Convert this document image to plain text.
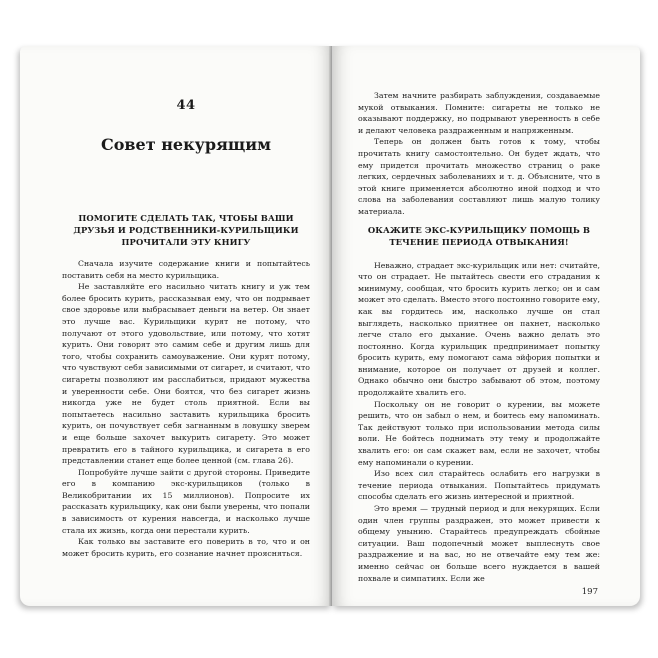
44
Совет некурящим
ПОМОГИТЕ СДЕЛАТЬ ТАК, ЧТОБЫ ВАШИ ДРУЗЬЯ И РОДСТВЕННИКИ-КУРИЛЬЩИКИ ПРОЧИТАЛИ ЭТУ КНИГУ

Сначала изучите содержание книги и попытайтесь поставить себя на место курильщика.

Не заставляйте его насильно читать книгу и уж тем более бросить курить, рассказывая ему, что он подрывает свое здоровье или выбрасывает деньги на ветер. Он знает это лучше вас. Курильщики курят не потому, что получают от этого удовольствие, или потому, что хотят курить. Они говорят это самим себе и другим лишь для того, чтобы сохранить самоуважение. Они курят потому, что чувствуют себя зависимыми от сигарет, и считают, что сигареты позволяют им расслабиться, придают мужества и уверенности себе. Они боятся, что без сигарет жизнь никогда уже не будет столь приятной. Если вы попытаетесь насильно заставить курильщика бросить курить, он почувствует себя загнанным в ловушку зверем и еще больше захочет выкурить сигарету. Это может превратить его в тайного курильщика, и сигарета в его представлении станет еще более ценной (см. глава 26).

Попробуйте лучше зайти с другой стороны. Приведите его в компанию экс-курильщиков (только в Великобритании их 15 миллионов). Попросите их рассказать курильщику, как они были уверены, что попали в зависимость от курения навсегда, и насколько лучше стала их жизнь, когда они перестали курить.

Как только вы заставите его поверить в то, что и он может бросить курить, его сознание начнет проясняться.

Затем начните разбирать заблуждения, создаваемые мукой отвыкания. Помните: сигареты не только не оказывают поддержку, но подрывают уверенность в себе и делают человека раздраженным и напряженным.

Теперь он должен быть готов к тому, чтобы прочитать книгу самостоятельно. Он будет ждать, что ему придется прочитать множество страниц о раке легких, сердечных заболеваниях и т. д. Объясните, что в этой книге применяется абсолютно иной подход и что слова на заболевания составляют лишь малую толику материала.

ОКАЖИТЕ ЭКС-КУРИЛЬЩИКУ ПОМОЩЬ В ТЕЧЕНИЕ ПЕРИОДА ОТВЫКАНИЯ!

Неважно, страдает экс-курильщик или нет: считайте, что он страдает. Не пытайтесь свести его страдания к минимуму, сообщая, что бросить курить легко; он и сам может это сделать. Вместо этого постоянно говорите ему, как вы гордитесь им, насколько лучше он стал выглядеть, насколько приятнее он пахнет, насколько легче стало его дыхание. Очень важно делать это постоянно. Когда курильщик предпринимает попытку бросить курить, ему помогают сама эйфория попытки и внимание, которое он получает от друзей и коллег. Однако обычно они быстро забывают об этом, поэтому продолжайте хвалить его.

Поскольку он не говорит о курении, вы можете решить, что он забыл о нем, и боитесь ему напоминать. Так действуют только при использовании метода силы воли. Не бойтесь поднимать эту тему и продолжайте хвалить его: он сам скажет вам, если не захочет, чтобы ему напоминали о курении.

Изо всех сил старайтесь ослабить его нагрузки в течение периода отвыкания. Попытайтесь придумать способы сделать его жизнь интересной и приятной.

Это время — трудный период и для некурящих. Если один член группы раздражен, это может привести к общему унынию. Старайтесь предупреждать сбойные ситуации. Ваш подопечный может выплеснуть свое раздражение и на вас, но не отвечайте ему тем же: именно сейчас он больше всего нуждается в вашей похвале и симпатиях. Если же

197
